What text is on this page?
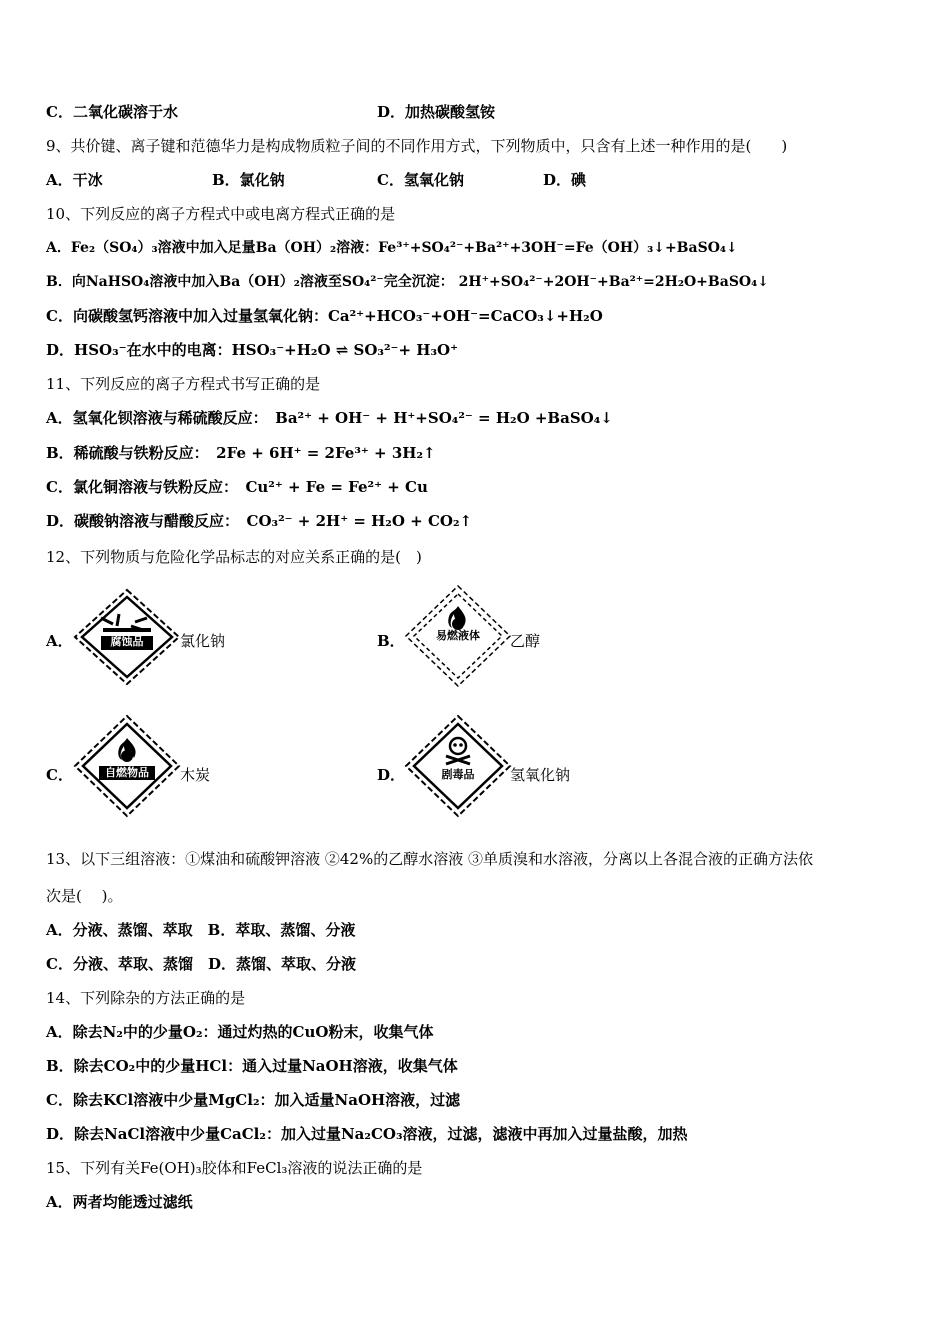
C．二氧化碳溶于水	D．加热碳酸氢铵
9、共价键、离子键和范德华力是构成物质粒子间的不同作用方式，下列物质中，只含有上述一种作用的是(　　)
A．干冰	B．氯化钠	C．氢氧化钠	D．碘
10、下列反应的离子方程式中或电离方程式正确的是
A．Fe₂（SO₄）₃溶液中加入足量Ba（OH）₂溶液：Fe³⁺+SO₄²⁻+Ba²⁺+3OH⁻=Fe（OH）₃↓+BaSO₄↓
B．向NaHSO₄溶液中加入Ba（OH）₂溶液至SO₄²⁻完全沉淀： 2H⁺+SO₄²⁻+2OH⁻+Ba²⁺=2H₂O+BaSO₄↓
C．向碳酸氢钙溶液中加入过量氢氧化钠：Ca²⁺+HCO₃⁻+OH⁻=CaCO₃↓+H₂O
D．HSO₃⁻在水中的电离：HSO₃⁻+H₂O ⇌ SO₃²⁻+ H₃O⁺
11、下列反应的离子方程式书写正确的是
A．氢氧化钡溶液与稀硫酸反应：　Ba²⁺ + OH⁻ + H⁺+SO₄²⁻ = H₂O +BaSO₄↓
B．稀硫酸与铁粉反应：　2Fe + 6H⁺ = 2Fe³⁺ + 3H₂↑
C．氯化铜溶液与铁粉反应：　Cu²⁺ + Fe = Fe²⁺ + Cu
D．碳酸钠溶液与醋酸反应：　CO₃²⁻ + 2H⁺ = H₂O + CO₂↑
12、下列物质与危险化学品标志的对应关系正确的是(　)
A．	腐蚀品	氯化钠	B．	易燃液体 乙醇
C．	自燃物品 木炭	D．	剧毒品	氢氧化钠
13、以下三组溶液：①煤油和硫酸钾溶液 ②42%的乙醇水溶液 ③单质溴和水溶液，分离以上各混合液的正确方法依
次是(　 )。
A．分液、蒸馏、萃取　B．萃取、蒸馏、分液
C．分液、萃取、蒸馏　D．蒸馏、萃取、分液
14、下列除杂的方法正确的是
A．除去N₂中的少量O₂：通过灼热的CuO粉末，收集气体
B．除去CO₂中的少量HCl：通入过量NaOH溶液，收集气体
C．除去KCl溶液中少量MgCl₂：加入适量NaOH溶液，过滤
D．除去NaCl溶液中少量CaCl₂：加入过量Na₂CO₃溶液，过滤，滤液中再加入过量盐酸，加热
15、下列有关Fe(OH)₃胶体和FeCl₃溶液的说法正确的是
A．两者均能透过滤纸
